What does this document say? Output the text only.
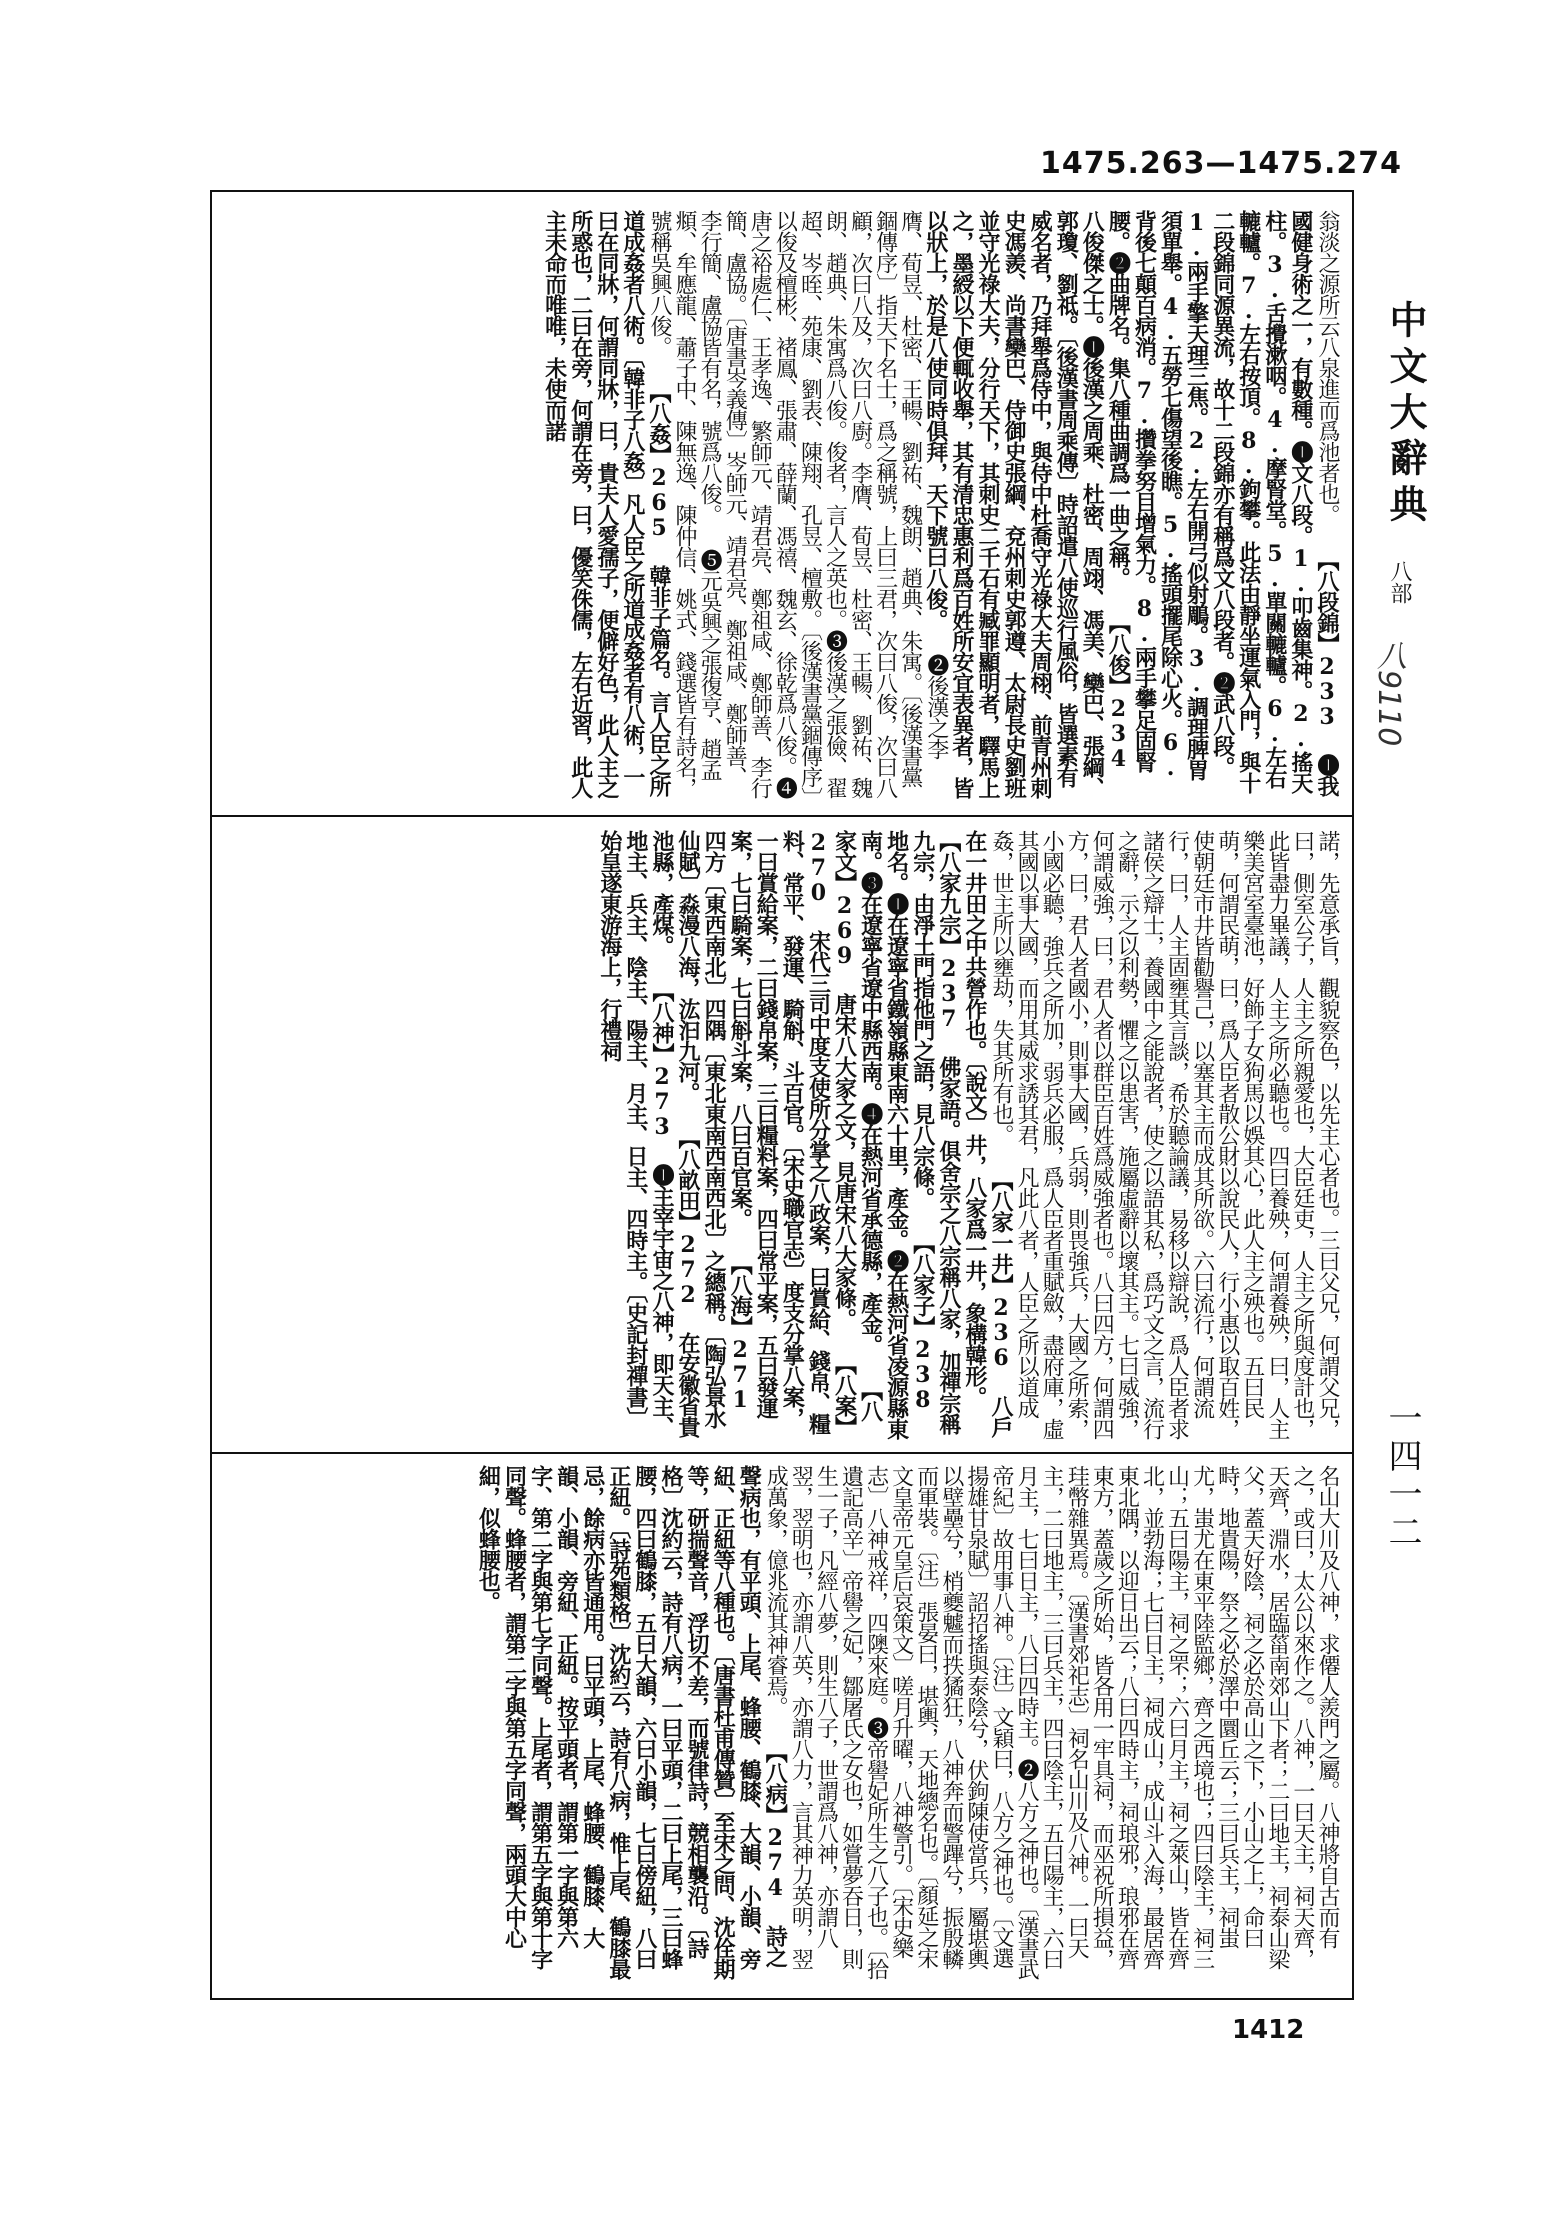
1475.263—1475.274
翁淡之源所云八泉進而爲池者也。 【八段錦】233 ❶我國健身術之一，有數種。❶文八段。1.叩齒集神。2.搖天柱。3.舌攪漱咽。4.摩腎堂。5.單關轆轤。6.左右轆轤。7.左右按頂。8.鉤攀。此法由靜坐運氣入門，與十二段錦同源異流，故十二段錦亦有稱爲文八段者。❷武八段。1.兩手擎天理三焦。2.左右開弓似射鵰。3.調理脾胃須單舉。4.五勞七傷望後瞧。5.搖頭擺尾除心火。6.背後七顛百病消。7.攢拳努目增氣力。8.兩手攀足固腎腰。❷曲牌名。集八種曲調爲一曲之稱。 【八俊】234 八俊傑之士。❶後漢之周乘、杜密、周翊、馮美、欒巴、張綱、郭瓊、劉祗。〔後漢書周乘傳〕時詔遣八使巡行風俗，皆選素有威名者，乃拜舉爲侍中，與侍中杜喬守光祿大夫周栩、前青州刺史馮羨、尚書欒巴、侍御史張綱、兗州刺史郭遵、太尉長史劉班並守光祿大夫，分行天下，其刺史二千石有臧罪顯明者，驛馬上之，墨綬以下便輒收舉，其有清忠惠利爲百姓所安宜表異者，皆以狀上，於是八使同時俱拜，天下號曰八俊。 ❷後漢之李膺、荀昱、杜密、王暢、劉祐、魏朗、趙典、朱寓。〔後漢書黨錮傳序〕指天下名士，爲之稱號，上曰三君，次曰八俊，次曰八顧，次曰八及，次曰八廚。李膺、荀昱、杜密、王暢、劉祐、魏朗、趙典、朱寓爲八俊。俊者，言人之英也。❸後漢之張儉、翟超、岑晊、苑康、劉表、陳翔、孔昱、檀敷。〔後漢書黨錮傳序〕以俊及檀彬、褚鳳、張肅、薛蘭、馮禧、魏玄、徐乾爲八俊。❹唐之裕處仁、王孝逸、繁師元、靖君亮、鄭祖咸、鄭師善、李行簡、盧協。〔唐書岑義傳〕岑師元、靖君亮、鄭祖咸、鄭師善、李行簡、盧協皆有名，號爲八俊。 ❺元吳興之張復亨、趙孟頫、牟應龍、蕭子中、陳無逸、陳仲信、姚式、錢選皆有詩名，號稱吳興八俊。 【八姦】265 韓非子篇名。言人臣之所道成姦者八術。〔韓非子八姦〕凡人臣之所道成姦者有八術，一曰在同牀，何謂同牀，曰，貴夫人愛孺子，便僻好色，此人主之所惑也，二曰在旁，何謂在旁，曰，優笑侏儒，左右近習，此人主未命而唯唯，未使而諾
諾，先意承旨，觀貌察色，以先主心者也。三曰父兄，何謂父兄，曰，側室公子，人主之所親愛也，大臣廷吏，人主之所與度計也，此皆盡力畢議，人主之所必聽也。四曰養殃，何謂養殃，曰，人主樂美宮室臺池，好飾子女狗馬以娛其心，此人主之殃也。五曰民萌，何謂民萌，曰，爲人臣者散公財以說民人，行小惠以取百姓，使朝廷市井皆勸譽己，以塞其主而成其所欲。六曰流行，何謂流行，曰，人主固壅其言談，希於聽論議，易移以辯說，爲人臣者求諸侯之辯士，養國中之能說者，使之以語其私，爲巧文之言，流行之辭，示之以利勢，懼之以患害，施屬虛辭以壞其主。七曰威強，何謂威強，曰，君人者以群臣百姓爲威強者也。八曰四方，何謂四方，曰，君人者國小，則事大國，兵弱，則畏強兵，大國之所索，小國必聽，強兵之所加，弱兵必服，爲人臣者重賦斂，盡府庫，虛其國以事大國，而用其威求誘其君，凡此八者，人臣之所以道成姦，世主所以壅劫，失其所有也。 【八家一井】236 八戶在一井田之中共營作也。〔說文〕井，八家爲一井，象構韓形。 【八家九宗】237 佛家語。俱舍宗之八宗稱八家，加禪宗稱九宗，由淨土門指他門之語，見八宗條。 【八家子】238 地名。❶在遼寧省鐵嶺縣東南六十里，產金。❷在熱河省凌源縣東南。❸在遼寧省遼中縣西南。❹在熱河省承德縣，產金。 【八家文】269 唐宋八大家之文，見唐宋八大家條。 【八案】270 宋代三司中度支使所分掌之八政案，曰賞給、錢帛、糧料、常平、發運、騎斛、斗百官。〔宋史職官志〕度支分掌八案，一曰賞給案，二曰錢帛案，三曰糧料案，四曰常平案，五曰發運案，七曰騎案，七曰斛斗案，八曰百官案。 【八海】271 四方〔東西南北〕四隅〔東北東南西南西北〕之總稱。〔陶弘景水仙賦〕淼漫八海，汯汩九河。 【八畝田】272 在安徽省貴池縣，產煤。 【八神】273 ❶主宰宇宙之八神，即天主、地主、兵主、陰主、陽主、月主、日主、四時主。〔史記封禪書〕始皇遂東游海上，行禮祠
名山大川及八神，求僊人羨門之屬。八神將自古而有之，或曰，太公以來作之。八神，一曰天主，祠天齊，天齊，淵水，居臨菑南郊山下者；二曰地主，祠泰山梁父，蓋天好陰，祠之必於高山之下，小山之上，命曰畤，地貴陽，祭之必於澤中圜丘云；三曰兵主，祠蚩尤，蚩尤在東平陸監鄉，齊之西境也；四曰陰主，祠三山；五曰陽主，祠之罘；六曰月主，祠之萊山，皆在齊北，並勃海；七曰日主，祠成山，成山斗入海，最居齊東北隅，以迎日出云；八曰四時主，祠琅邪，琅邪在齊東方，蓋歲之所始，皆各用一牢具祠，而巫祝所損益，珪幣雜異焉。〔漢書郊祀志〕祠名山川及八神。一曰天主，二曰地主，三曰兵主，四曰陰主，五曰陽主，六曰月主，七曰日主，八曰四時主。❷八方之神也。〔漢書武帝紀〕故用事八神。〔注〕文穎曰，八方之神也。〔文選揚雄甘泉賦〕詔招搖與泰陰兮，伏鉤陳使當兵，屬堪輿以壁壘兮，梢夔魖而抶獝狂，八神奔而警蹕兮，振殷轔而軍裝。〔注〕張晏曰，堪輿，天地總名也。〔顏延之宋文皇帝元皇后哀策文〕嗟月升曜，八神警引。〔宋史樂志〕八神戒祥，四隩來庭。❸帝嚳妃所生之八子也。〔拾遺記高辛〕帝嚳之妃，鄒屠氏之女也，如嘗夢吞日，則生一子，凡經八夢，則生八子，世謂爲八神，亦謂八翌，翌明也，亦謂八英，亦謂八力，言其神力英明，翌成萬象，億兆流其神睿焉。 【八病】274 詩之聲病也，有平頭、上尾、蜂腰、鶴膝、大韻、小韻、旁紐、正紐等八種也。〔唐書杜甫傳贊〕至宋之問、沈佺期等，研揣聲音，浮切不差，而號律詩，競相襲沿。〔詩格〕沈約云，詩有八病，一曰平頭，二曰上尾，三曰蜂腰，四曰鶴膝，五曰大韻，六曰小韻，七曰傍紐，八曰正紐。〔詩苑類格〕沈約云，詩有八病，惟上尾、鶴膝最忌，餘病亦皆通用。曰平頭，上尾、蜂腰、鶴膝、大韻、小韻、旁紐、正紐。按平頭者，謂第一字與第六字、第二字與第七字同聲。上尾者，謂第五字與第十字同聲。蜂腰者，謂第二字與第五字同聲，兩頭大中心細，似蜂腰也。
中文大辭典
八部
八9110
一四一二
1412
